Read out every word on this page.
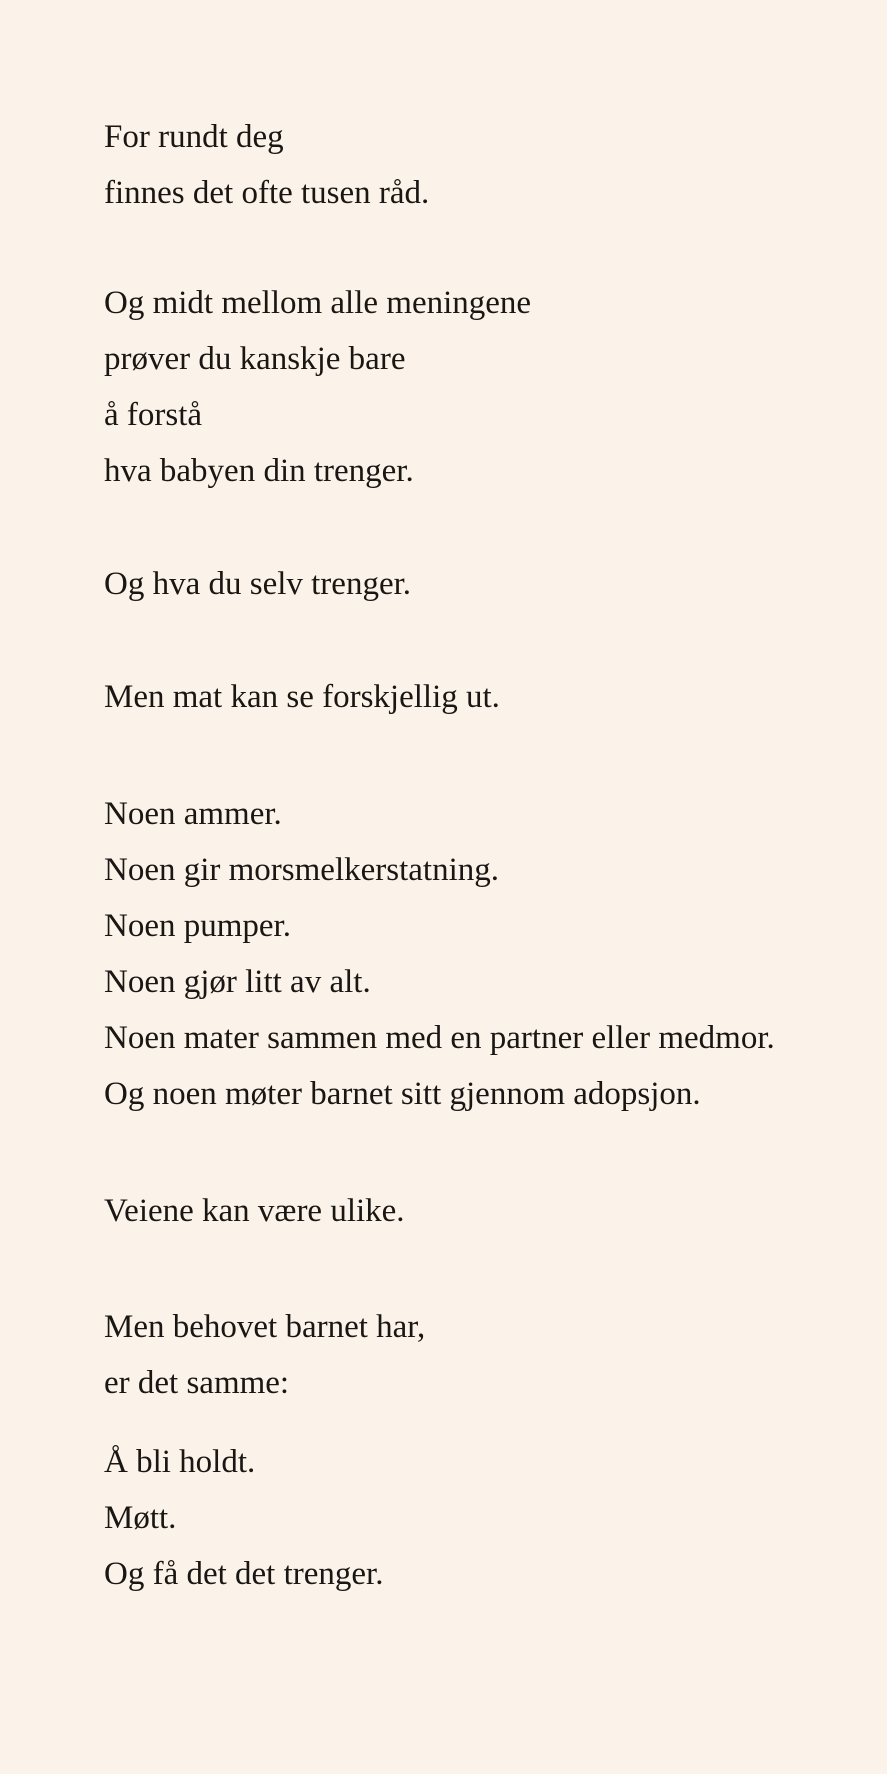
For rundt deg
finnes det ofte tusen råd.
Og midt mellom alle meningene
prøver du kanskje bare
å forstå
hva babyen din trenger.
Og hva du selv trenger.
Men mat kan se forskjellig ut.
Noen ammer.
Noen gir morsmelkerstatning.
Noen pumper.
Noen gjør litt av alt.
Noen mater sammen med en partner eller medmor.
Og noen møter barnet sitt gjennom adopsjon.
Veiene kan være ulike.
Men behovet barnet har,
er det samme:
Å bli holdt.
Møtt.
Og få det det trenger.
